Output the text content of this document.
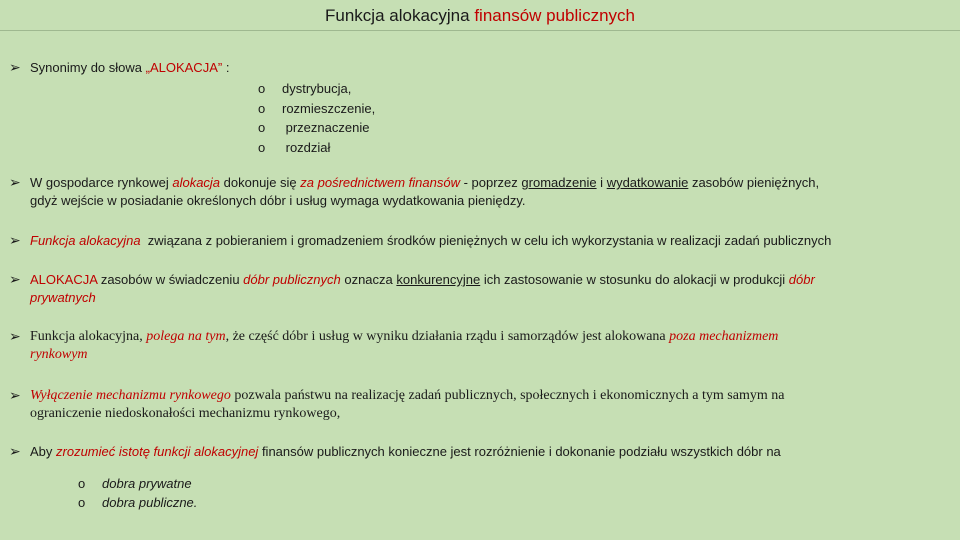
Funkcja alokacyjna finansów publicznych
➢ Synonimy do słowa „ALOKACJA” :
o dystrybucja,
o rozmieszczenie,
o przeznaczenie
o rozdział
➢ W gospodarce rynkowej alokacja dokonuje się za pośrednictwem finansów - poprzez gromadzenie i wydatkowanie zasobów pieniężnych,
gdyż wejście w posiadanie określonych dóbr i usług wymaga wydatkowania pieniędzy.
➢ Funkcja alokacyjna  związana z pobieraniem i gromadzeniem środków pieniężnych w celu ich wykorzystania w realizacji zadań publicznych
➢ ALOKACJA zasobów w świadczeniu dóbr publicznych oznacza konkurencyjne ich zastosowanie w stosunku do alokacji w produkcji dóbr
prywatnych
➢ Funkcja alokacyjna, polega na tym, że część dóbr i usług w wyniku działania rządu i samorządów jest alokowana poza mechanizmem
rynkowym
➢ Wyłączenie mechanizmu rynkowego pozwala państwu na realizację zadań publicznych, społecznych i ekonomicznych a tym samym na
ograniczenie niedoskonałości mechanizmu rynkowego,
➢ Aby zrozumieć istotę funkcji alokacyjnej finansów publicznych konieczne jest rozróżnienie i dokonanie podziału wszystkich dóbr na
o dobra prywatne
o dobra publiczne.
